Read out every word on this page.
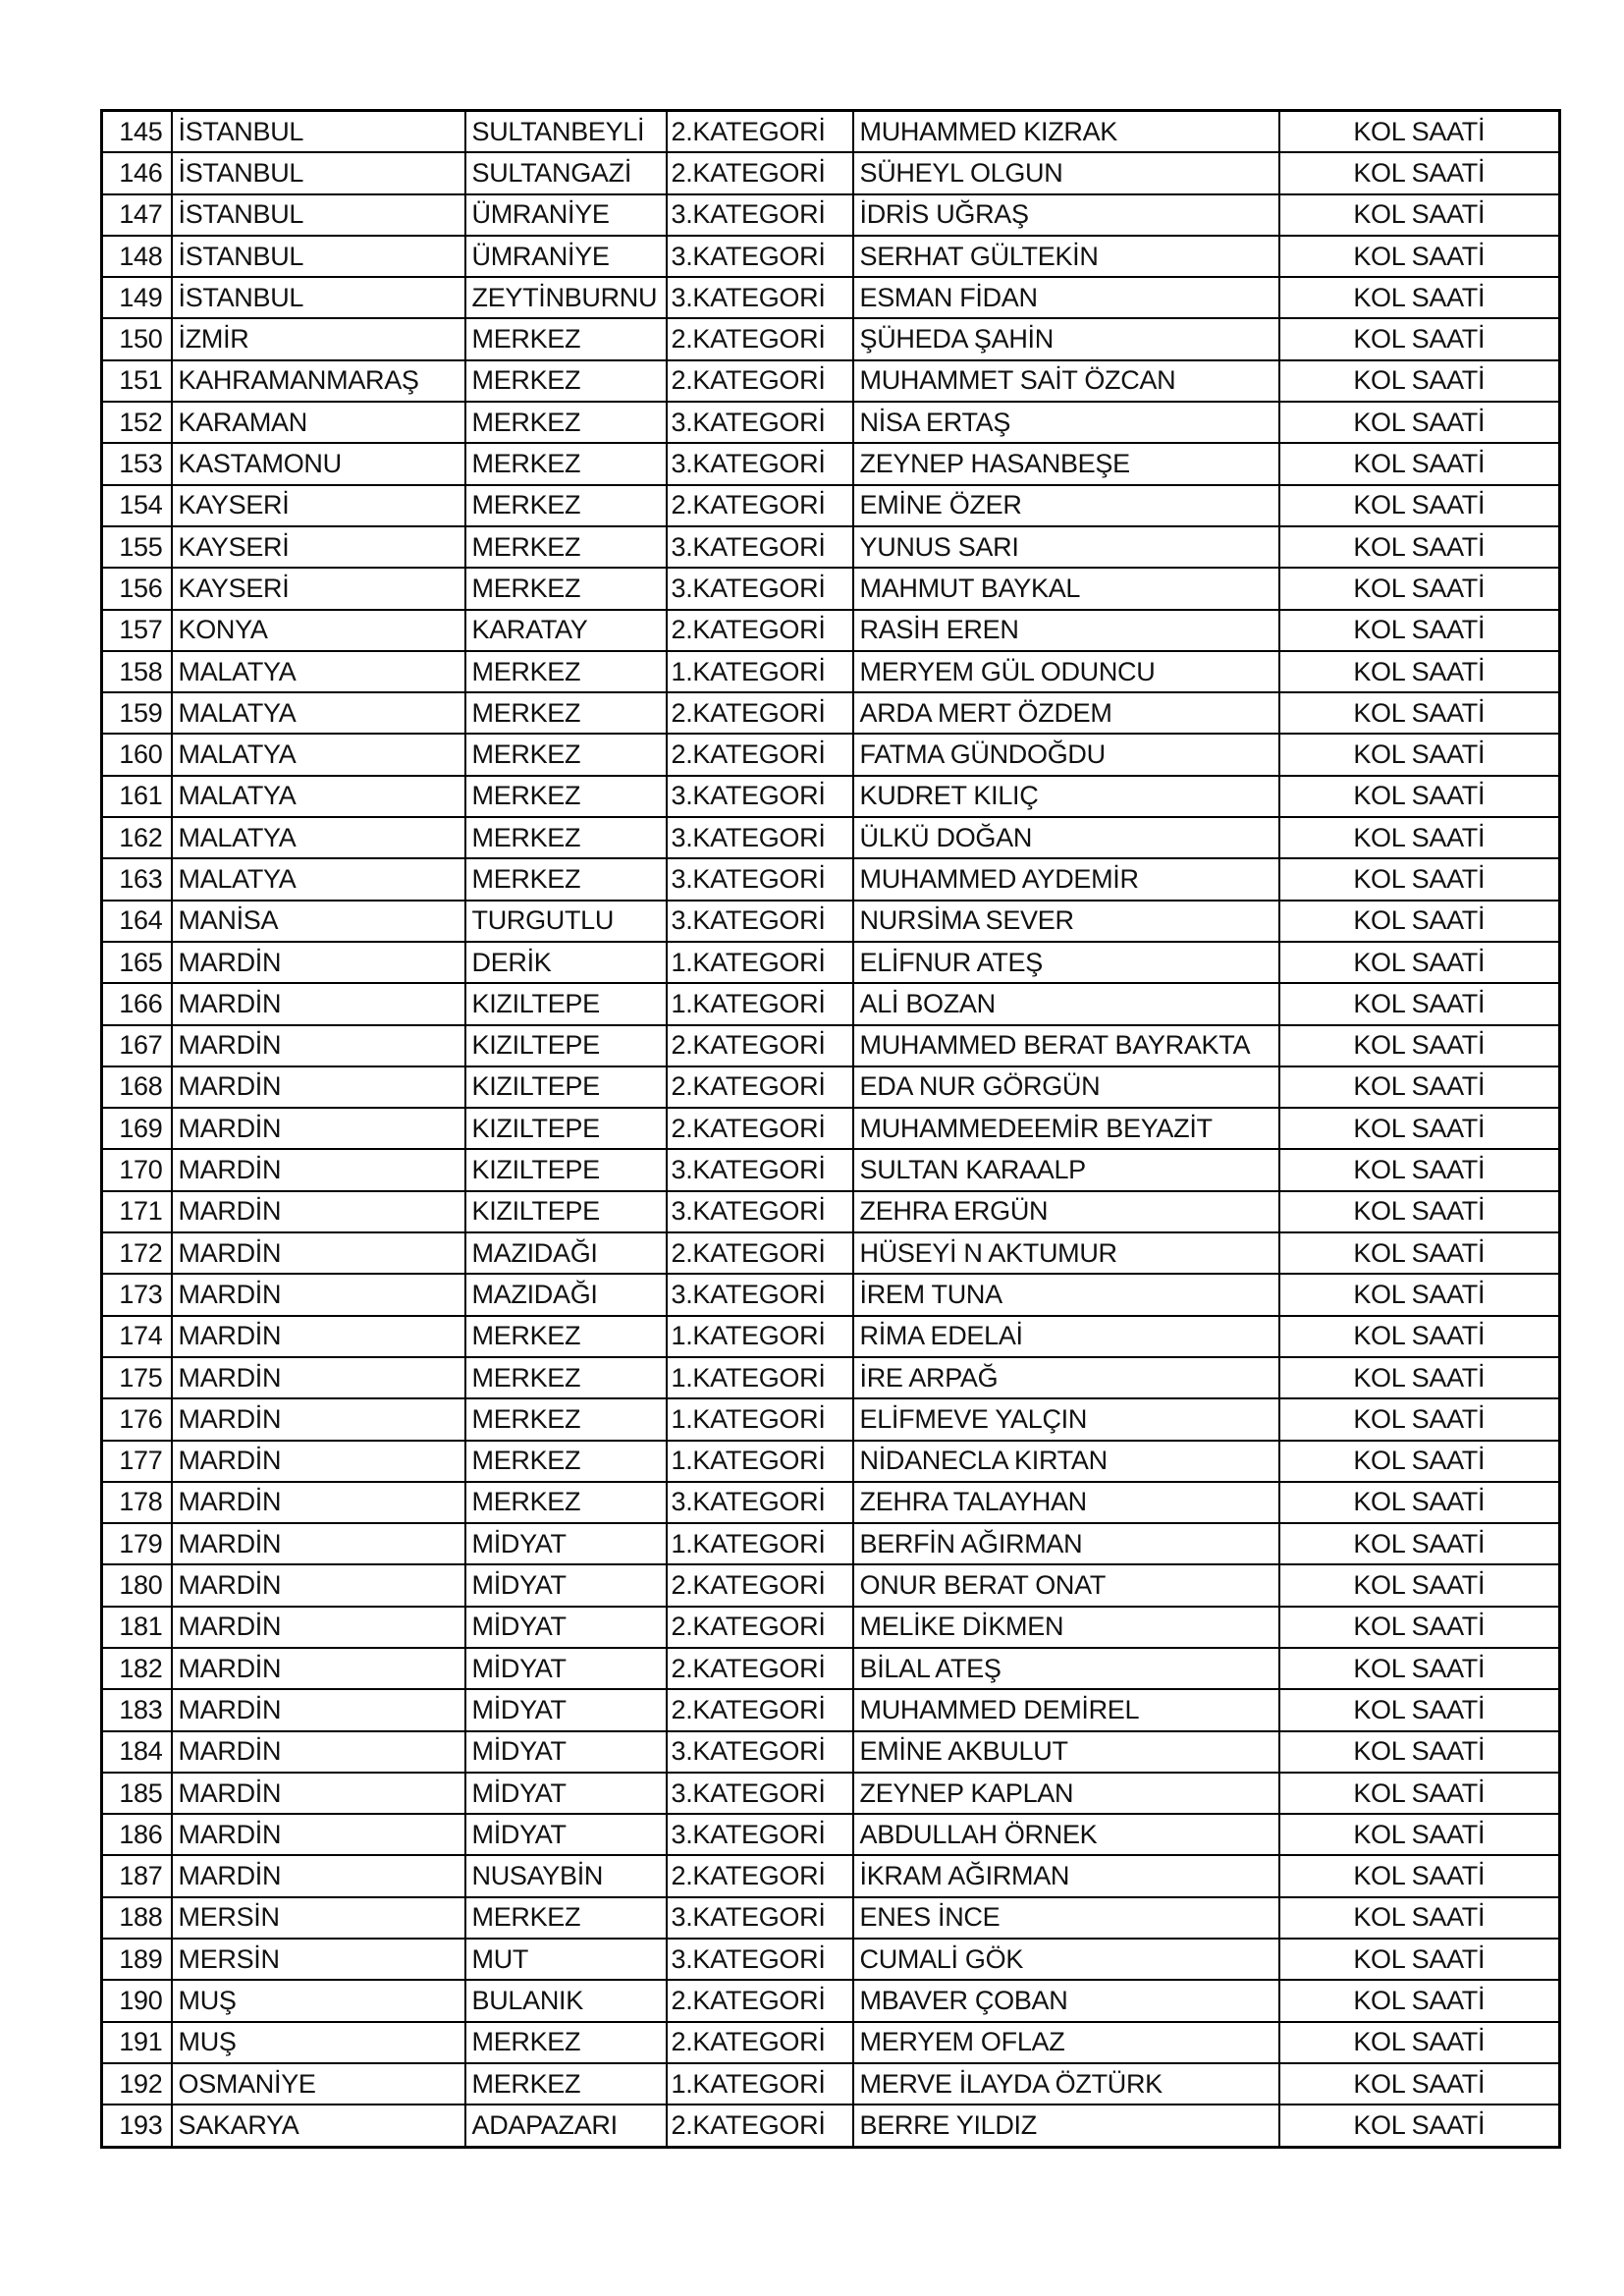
145	İSTANBUL	SULTANBEYLİ	2.KATEGORİ	MUHAMMED KIZRAK	KOL SAATİ
146	İSTANBUL	SULTANGAZİ	2.KATEGORİ	SÜHEYL OLGUN	KOL SAATİ
147	İSTANBUL	ÜMRANİYE	3.KATEGORİ	İDRİS UĞRAŞ	KOL SAATİ
148	İSTANBUL	ÜMRANİYE	3.KATEGORİ	SERHAT GÜLTEKİN	KOL SAATİ
149	İSTANBUL	ZEYTİNBURNU	3.KATEGORİ	ESMAN FİDAN	KOL SAATİ
150	İZMİR	MERKEZ	2.KATEGORİ	ŞÜHEDA ŞAHİN	KOL SAATİ
151	KAHRAMANMARAŞ	MERKEZ	2.KATEGORİ	MUHAMMET SAİT ÖZCAN	KOL SAATİ
152	KARAMAN	MERKEZ	3.KATEGORİ	NİSA ERTAŞ	KOL SAATİ
153	KASTAMONU	MERKEZ	3.KATEGORİ	ZEYNEP HASANBEŞE	KOL SAATİ
154	KAYSERİ	MERKEZ	2.KATEGORİ	EMİNE ÖZER	KOL SAATİ
155	KAYSERİ	MERKEZ	3.KATEGORİ	YUNUS SARI	KOL SAATİ
156	KAYSERİ	MERKEZ	3.KATEGORİ	MAHMUT BAYKAL	KOL SAATİ
157	KONYA	KARATAY	2.KATEGORİ	RASİH EREN	KOL SAATİ
158	MALATYA	MERKEZ	1.KATEGORİ	MERYEM GÜL ODUNCU	KOL SAATİ
159	MALATYA	MERKEZ	2.KATEGORİ	ARDA MERT ÖZDEM	KOL SAATİ
160	MALATYA	MERKEZ	2.KATEGORİ	FATMA GÜNDOĞDU	KOL SAATİ
161	MALATYA	MERKEZ	3.KATEGORİ	KUDRET KILIÇ	KOL SAATİ
162	MALATYA	MERKEZ	3.KATEGORİ	ÜLKÜ DOĞAN	KOL SAATİ
163	MALATYA	MERKEZ	3.KATEGORİ	MUHAMMED AYDEMİR	KOL SAATİ
164	MANİSA	TURGUTLU	3.KATEGORİ	NURSİMA SEVER	KOL SAATİ
165	MARDİN	DERİK	1.KATEGORİ	ELİFNUR ATEŞ	KOL SAATİ
166	MARDİN	KIZILTEPE	1.KATEGORİ	ALİ BOZAN	KOL SAATİ
167	MARDİN	KIZILTEPE	2.KATEGORİ	MUHAMMED BERAT BAYRAKTA	KOL SAATİ
168	MARDİN	KIZILTEPE	2.KATEGORİ	EDA NUR GÖRGÜN	KOL SAATİ
169	MARDİN	KIZILTEPE	2.KATEGORİ	MUHAMMEDEEMİR BEYAZİT	KOL SAATİ
170	MARDİN	KIZILTEPE	3.KATEGORİ	SULTAN KARAALP	KOL SAATİ
171	MARDİN	KIZILTEPE	3.KATEGORİ	ZEHRA ERGÜN	KOL SAATİ
172	MARDİN	MAZIDAĞI	2.KATEGORİ	HÜSEYİ N AKTUMUR	KOL SAATİ
173	MARDİN	MAZIDAĞI	3.KATEGORİ	İREM TUNA	KOL SAATİ
174	MARDİN	MERKEZ	1.KATEGORİ	RİMA EDELAİ	KOL SAATİ
175	MARDİN	MERKEZ	1.KATEGORİ	İRE ARPAĞ	KOL SAATİ
176	MARDİN	MERKEZ	1.KATEGORİ	ELİFMEVE YALÇIN	KOL SAATİ
177	MARDİN	MERKEZ	1.KATEGORİ	NİDANECLA KIRTAN	KOL SAATİ
178	MARDİN	MERKEZ	3.KATEGORİ	ZEHRA TALAYHAN	KOL SAATİ
179	MARDİN	MİDYAT	1.KATEGORİ	BERFİN AĞIRMAN	KOL SAATİ
180	MARDİN	MİDYAT	2.KATEGORİ	ONUR BERAT ONAT	KOL SAATİ
181	MARDİN	MİDYAT	2.KATEGORİ	MELİKE DİKMEN	KOL SAATİ
182	MARDİN	MİDYAT	2.KATEGORİ	BİLAL ATEŞ	KOL SAATİ
183	MARDİN	MİDYAT	2.KATEGORİ	MUHAMMED DEMİREL	KOL SAATİ
184	MARDİN	MİDYAT	3.KATEGORİ	EMİNE AKBULUT	KOL SAATİ
185	MARDİN	MİDYAT	3.KATEGORİ	ZEYNEP KAPLAN	KOL SAATİ
186	MARDİN	MİDYAT	3.KATEGORİ	ABDULLAH ÖRNEK	KOL SAATİ
187	MARDİN	NUSAYBİN	2.KATEGORİ	İKRAM AĞIRMAN	KOL SAATİ
188	MERSİN	MERKEZ	3.KATEGORİ	ENES İNCE	KOL SAATİ
189	MERSİN	MUT	3.KATEGORİ	CUMALİ GÖK	KOL SAATİ
190	MUŞ	BULANIK	2.KATEGORİ	MBAVER ÇOBAN	KOL SAATİ
191	MUŞ	MERKEZ	2.KATEGORİ	MERYEM OFLAZ	KOL SAATİ
192	OSMANİYE	MERKEZ	1.KATEGORİ	MERVE İLAYDA ÖZTÜRK	KOL SAATİ
193	SAKARYA	ADAPAZARI	2.KATEGORİ	BERRE YILDIZ	KOL SAATİ
